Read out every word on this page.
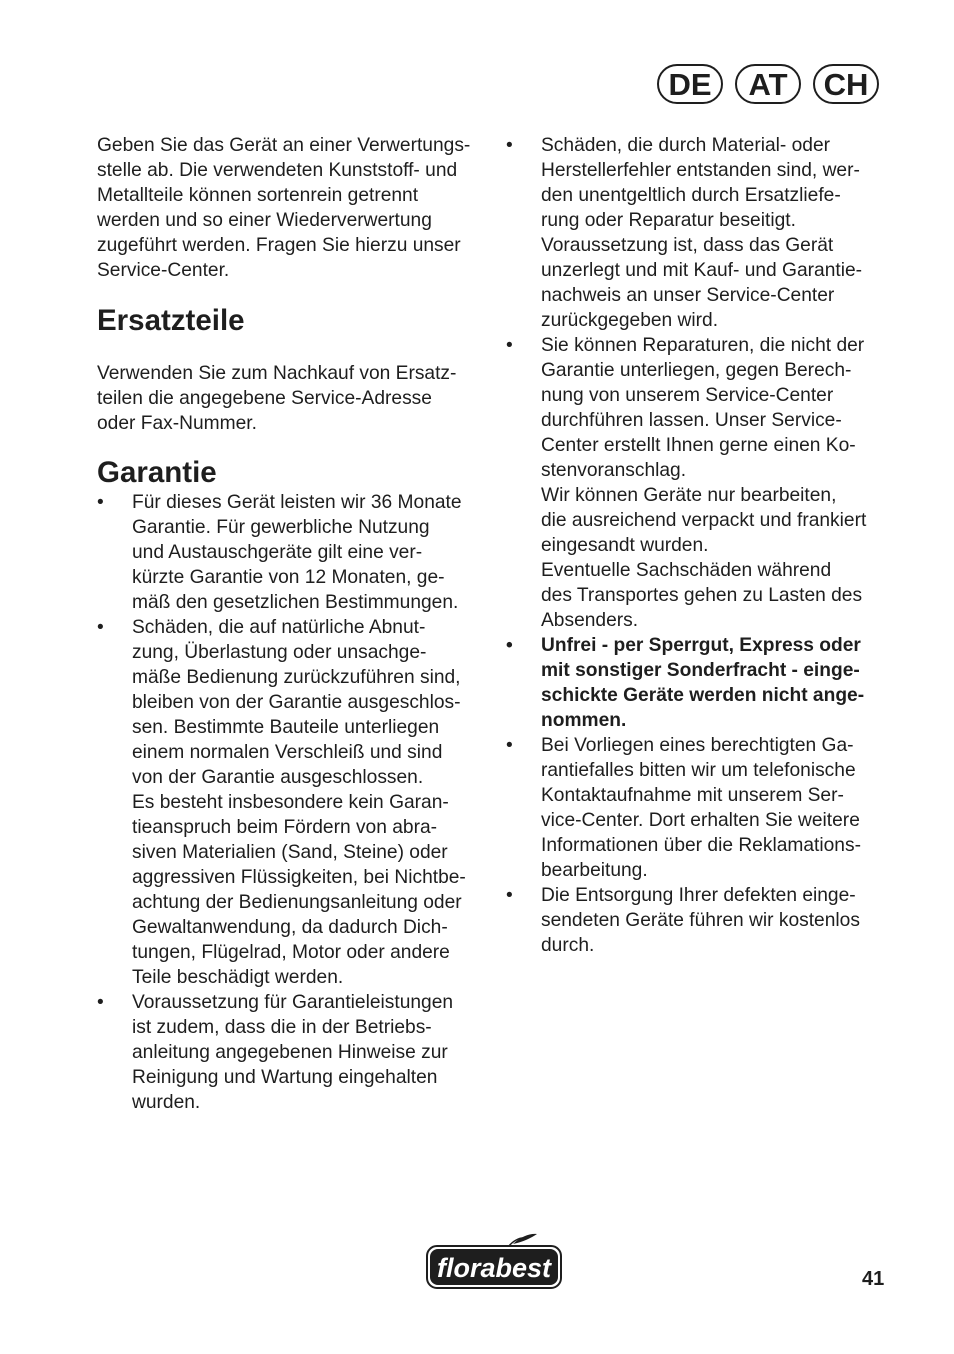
DE	AT	CH

Geben Sie das Gerät an einer Verwertungs-
stelle ab. Die verwendeten Kunststoff- und
Metallteile können sortenrein getrennt
werden und so einer Wiederverwertung
zugeführt werden. Fragen Sie hierzu unser
Service-Center.

Ersatzteile

Verwenden Sie zum Nachkauf von Ersatz-
teilen die angegebene Service-Adresse
oder Fax-Nummer.

Garantie
• Für dieses Gerät leisten wir 36 Monate
Garantie. Für gewerbliche Nutzung
und Austauschgeräte gilt eine ver-
kürzte Garantie von 12 Monaten, ge-
mäß den gesetzlichen Bestimmungen.
• Schäden, die auf natürliche Abnut-
zung, Überlastung oder unsachge-
mäße Bedienung zurückzuführen sind,
bleiben von der Garantie ausgeschlos-
sen. Bestimmte Bauteile unterliegen
einem normalen Verschleiß und sind
von der Garantie ausgeschlossen.
Es besteht insbesondere kein Garan-
tieanspruch beim Fördern von abra-
siven Materialien (Sand, Steine) oder
aggressiven Flüssigkeiten, bei Nichtbe-
achtung der Bedienungsanleitung oder
Gewaltanwendung, da dadurch Dich-
tungen, Flügelrad, Motor oder andere
Teile beschädigt werden.
• Voraussetzung für Garantieleistungen
ist zudem, dass die in der Betriebs-
anleitung angegebenen Hinweise zur
Reinigung und Wartung eingehalten
wurden.
• Schäden, die durch Material- oder
Herstellerfehler entstanden sind, wer-
den unentgeltlich durch Ersatzliefe-
rung oder Reparatur beseitigt.
Voraussetzung ist, dass das Gerät
unzerlegt und mit Kauf- und Garantie-
nachweis an unser Service-Center
zurückgegeben wird.
• Sie können Reparaturen, die nicht der
Garantie unterliegen, gegen Berech-
nung von unserem Service-Center
durchführen lassen. Unser Service-
Center erstellt Ihnen gerne einen Ko-
stenvoranschlag.
Wir können Geräte nur bearbeiten,
die ausreichend verpackt und frankiert
eingesandt wurden.
Eventuelle Sachschäden während
des Transportes gehen zu Lasten des
Absenders.
• Unfrei - per Sperrgut, Express oder
mit sonstiger Sonderfracht - einge-
schickte Geräte werden nicht ange-
nommen.
• Bei Vorliegen eines berechtigten Ga-
rantiefalles bitten wir um telefonische
Kontaktaufnahme mit unserem Ser-
vice-Center. Dort erhalten Sie weitere
Informationen über die Reklamations-
bearbeitung.
• Die Entsorgung Ihrer defekten einge-
sendeten Geräte führen wir kostenlos
durch.
florabest	41
